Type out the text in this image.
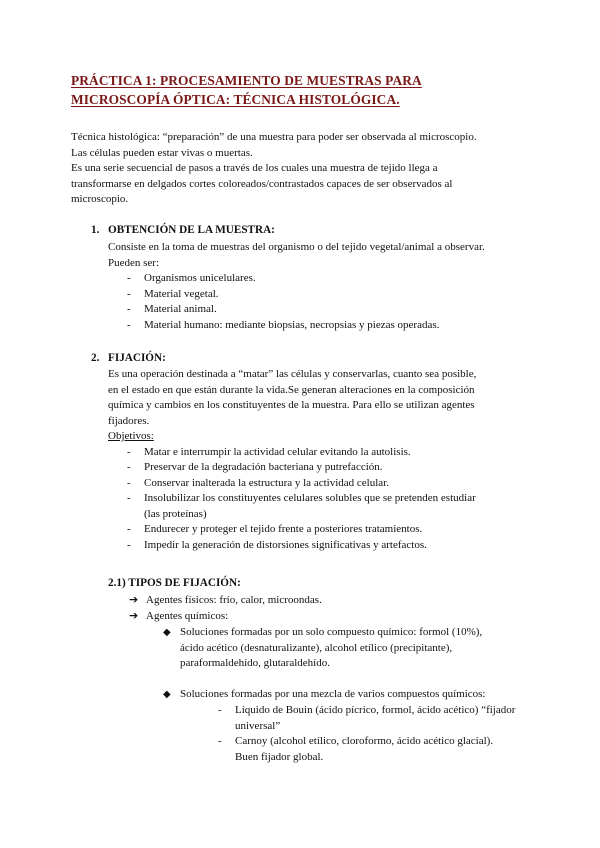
PRÁCTICA 1: PROCESAMIENTO DE MUESTRAS PARA
MICROSCOPÍA ÓPTICA: TÉCNICA HISTOLÓGICA.

Técnica histológica: “preparación” de una muestra para poder ser observada al microscopio.

Las células pueden estar vivas o muertas.

Es una serie secuencial de pasos a través de los cuales una muestra de tejido llega a

transformarse en delgados cortes coloreados/contrastados capaces de ser observados al

microscopio.

1. OBTENCIÓN DE LA MUESTRA:

Consiste en la toma de muestras del organismo o del tejido vegetal/animal a observar.

Pueden ser:

- Organismos unicelulares.
- Material vegetal.
- Material animal.
- Material humano: mediante biopsias, necropsias y piezas operadas.
2. FIJACIÓN:

Es una operación destinada a “matar” las células y conservarlas, cuanto sea posible,

en el estado en que están durante la vida.Se generan alteraciones en la composición

química y cambios en los constituyentes de la muestra. Para ello se utilizan agentes

fijadores.

Objetivos:

- Matar e interrumpir la actividad celular evitando la autolisis.
- Preservar de la degradación bacteriana y putrefacción.
- Conservar inalterada la estructura y la actividad celular.
- Insolubilizar los constituyentes celulares solubles que se pretenden estudiar
(las proteínas)
- Endurecer y proteger el tejido frente a posteriores tratamientos.
- Impedir la generación de distorsiones significativas y artefactos.
2.1) TIPOS DE FIJACIÓN:
➔ Agentes físicos: frío, calor, microondas.
➔ Agentes químicos:
◆ Soluciones formadas por un solo compuesto químico: formol (10%),
ácido acético (desnaturalizante), alcohol etílico (precipitante),
paraformaldehído, glutaraldehído.
◆ Soluciones formadas por una mezcla de varios compuestos químicos:
- Líquido de Bouin (ácido pícrico, formol, ácido acético) “fijador
universal”
- Carnoy (alcohol etílico, cloroformo, ácido acético glacial).
Buen fijador global.
